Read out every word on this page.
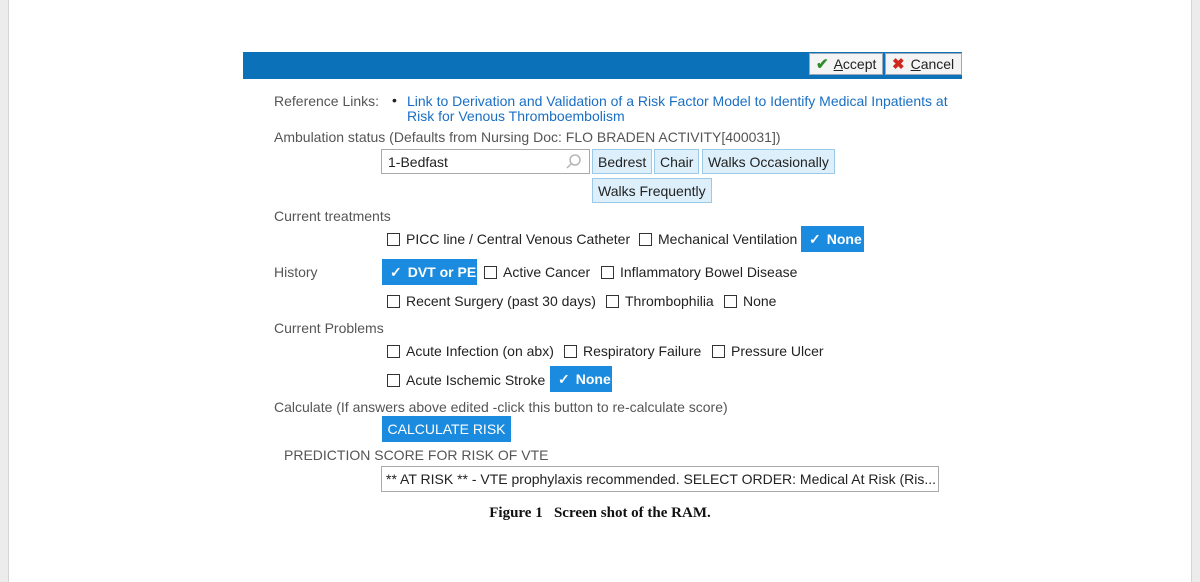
✔ Accept ✖ Cancel
Reference Links: • Link to Derivation and Validation of a Risk Factor Model to Identify Medical Inpatients at
Risk for Venous Thromboembolism
Ambulation status (Defaults from Nursing Doc: FLO BRADEN ACTIVITY[400031])
1-Bedfast	Bedrest Chair	Walks Occasionally
Walks Frequently
Current treatments
PICC line / Central Venous Catheter Mechanical Ventilation ✓ None
History	✓ DVT or PE Active Cancer Inflammatory Bowel Disease
Recent Surgery (past 30 days) Thrombophilia None
Current Problems
Acute Infection (on abx) Respiratory Failure Pressure Ulcer
Acute Ischemic Stroke ✓ None
Calculate (If answers above edited -click this button to re-calculate score)
CALCULATE RISK
PREDICTION SCORE FOR RISK OF VTE
** AT RISK ** - VTE prophylaxis recommended. SELECT ORDER: Medical At Risk (Ris...
Figure 1   Screen shot of the RAM.
